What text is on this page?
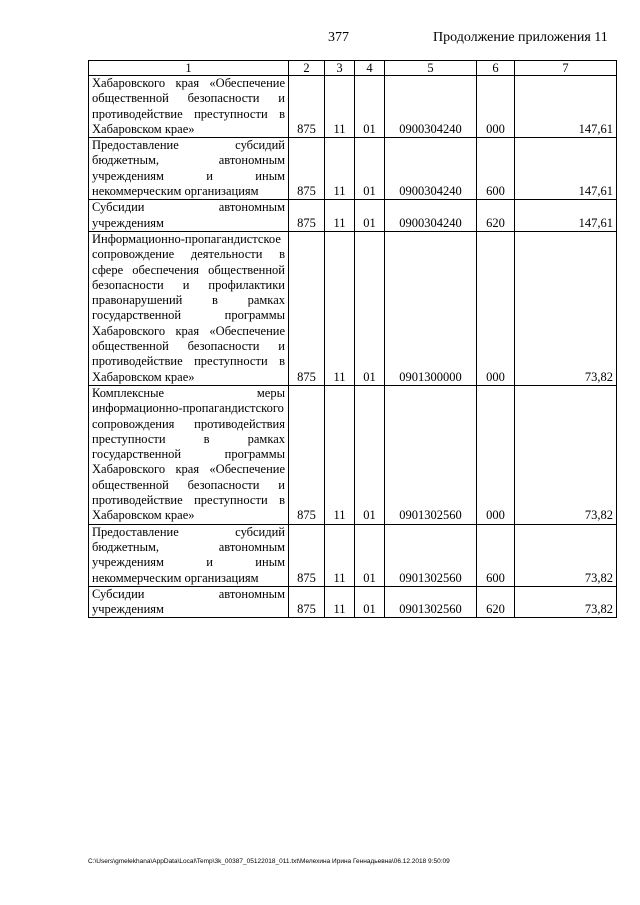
377	Продолжение приложения 11
1	2	3	4	5	6	7
Хабаровского края «Обеспечение общественной безопасности и противодействие преступности в Хабаровском крае»	875	11	01	0900304240	000	147,61
Предоставление субсидий бюджетным, автономным учреждениям и иным некоммерческим организациям	875	11	01	0900304240	600	147,61
Субсидии автономным учреждениям	875	11	01	0900304240	620	147,61
Информационно-пропагандистское сопровождение деятельности в сфере обеспечения общественной безопасности и профилактики правонарушений в рамках государственной программы Хабаровского края «Обеспечение общественной безопасности и противодействие преступности в Хабаровском крае»	875	11	01	0901300000	000	73,82
Комплексные меры информационно-пропагандистского сопровождения противодействия преступности в рамках государственной программы Хабаровского края «Обеспечение общественной безопасности и противодействие преступности в Хабаровском крае»	875	11	01	0901302560	000	73,82
Предоставление субсидий бюджетным, автономным учреждениям и иным некоммерческим организациям	875	11	01	0901302560	600	73,82
Субсидии автономным учреждениям	875	11	01	0901302560	620	73,82
C:\Users\gmelekhana\AppData\Local\Temp\3k_00387_05122018_011.txt\Мелехина Ирина Геннадьевна\06.12.2018 9:50:09
